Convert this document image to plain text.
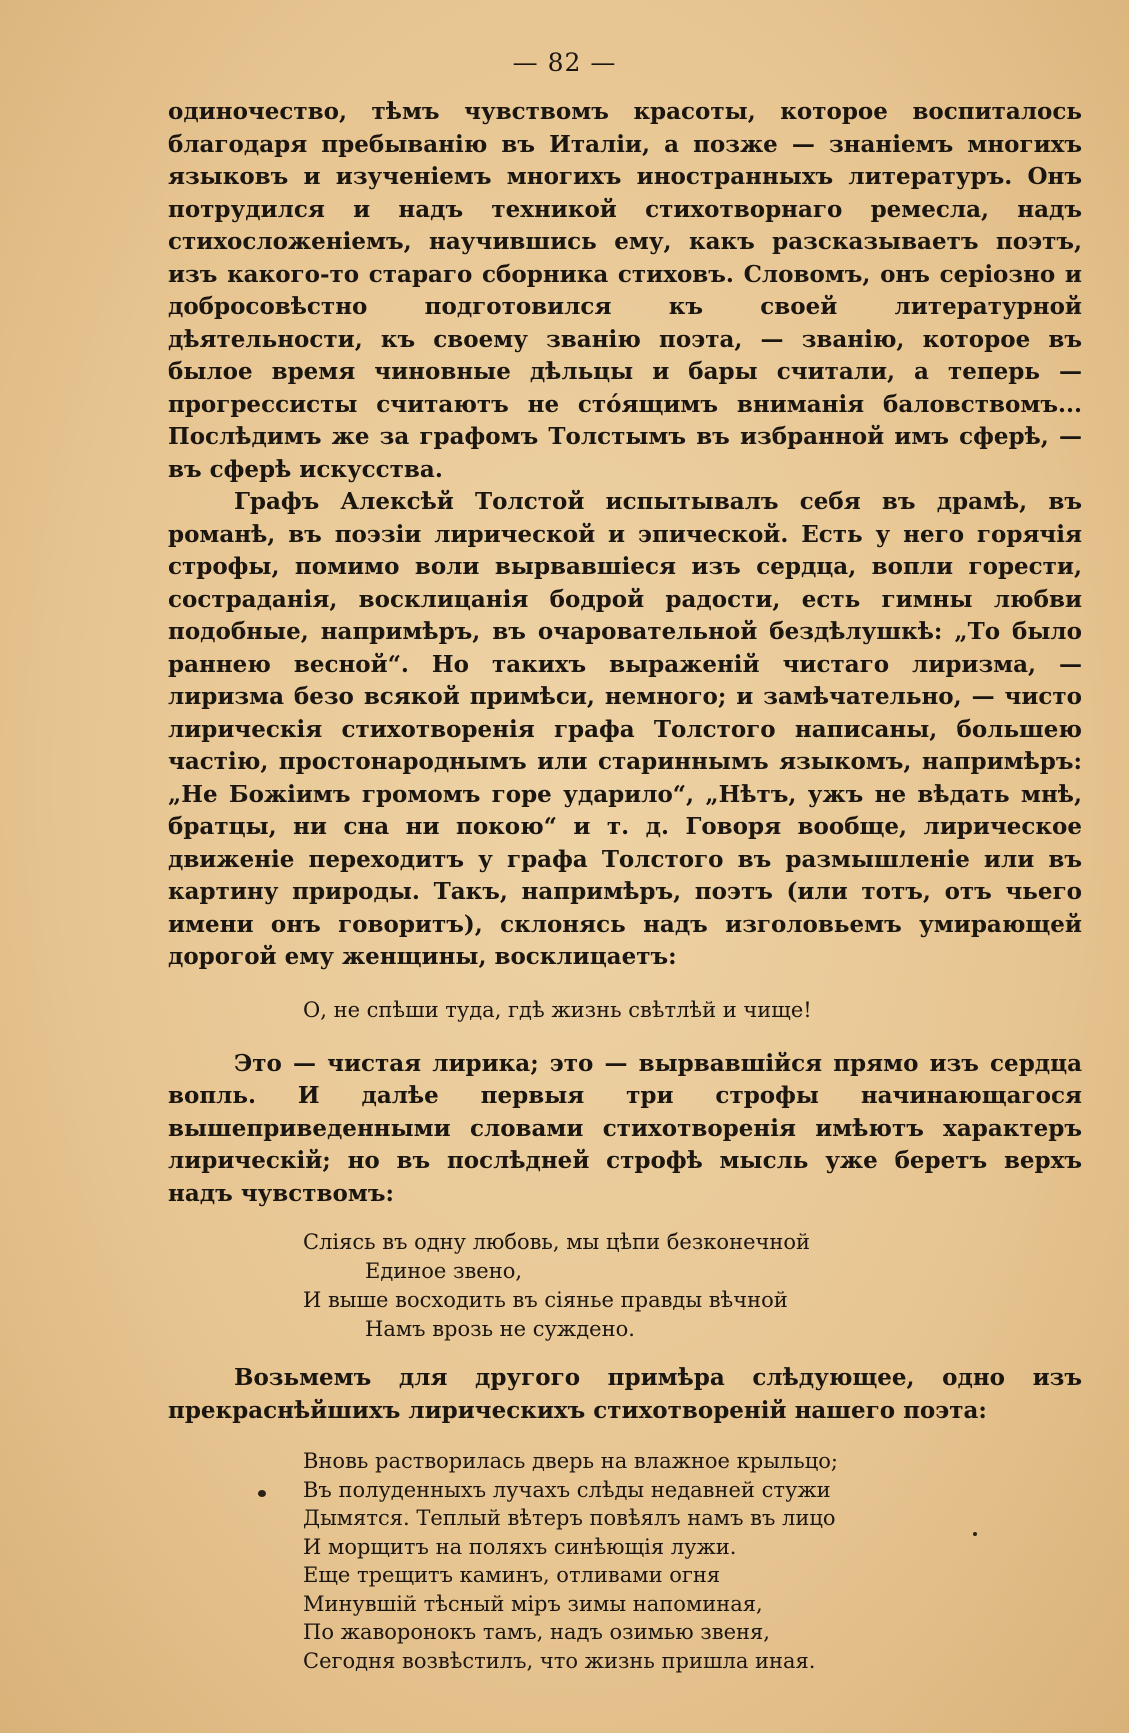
— 82 —

одиночество, тѣмъ чувствомъ красоты, которое воспиталось благодаря пребыванію въ Италіи, а позже — знаніемъ многихъ языковъ и изученіемъ многихъ иностранныхъ литературъ. Онъ потрудился и надъ техникой стихотворнаго ремесла, надъ стихосложеніемъ, научившись ему, какъ разсказываетъ поэтъ, изъ какого-то стараго сборника стиховъ. Словомъ, онъ серіозно и добросовѣстно подготовился къ своей литературной дѣятельности, къ своему званію поэта, — званію, которое въ былое время чиновные дѣльцы и бары считали, а теперь — прогрессисты считаютъ не стóящимъ вниманія баловствомъ... Послѣдимъ же за графомъ Толстымъ въ избранной имъ сферѣ, — въ сферѣ искусства.

Графъ Алексѣй Толстой испытывалъ себя въ драмѣ, въ романѣ, въ поэзіи лирической и эпической. Есть у него горячія строфы, помимо воли вырвавшіеся изъ сердца, вопли горести, состраданія, восклицанія бодрой радости, есть гимны любви подобные, напримѣръ, въ очаровательной бездѣлушкѣ: „То было раннею весной“. Но такихъ выраженій чистаго лиризма, — лиризма безо всякой примѣси, немного; и замѣчательно, — чисто лирическія стихотворенія графа Толстого написаны, большею частію, простонароднымъ или стариннымъ языкомъ, напримѣръ: „Не Божіимъ громомъ горе ударило“, „Нѣтъ, ужъ не вѣдать мнѣ, братцы, ни сна ни покою“ и т. д. Говоря вообще, лирическое движеніе переходитъ у графа Толстого въ размышленіе или въ картину природы. Такъ, напримѣръ, поэтъ (или тотъ, отъ чьего имени онъ говоритъ), склонясь надъ изголовьемъ умирающей дорогой ему женщины, восклицаетъ:

О, не спѣши туда, гдѣ жизнь свѣтлѣй и чище!

Это — чистая лирика; это — вырвавшійся прямо изъ сердца вопль. И далѣе первыя три строфы начинающагося вышеприведенными словами стихотворенія имѣютъ характеръ лирическій; но въ послѣдней строфѣ мысль уже беретъ верхъ надъ чувствомъ:

Сліясь въ одну любовь, мы цѣпи безконечной
Единое звено,
И выше восходить въ сіянье правды вѣчной
Намъ врозь не суждено.

Возьмемъ для другого примѣра слѣдующее, одно изъ прекраснѣйшихъ лирическихъ стихотвореній нашего поэта:

Вновь растворилась дверь на влажное крыльцо;
Въ полуденныхъ лучахъ слѣды недавней стужи
Дымятся. Теплый вѣтеръ повѣялъ намъ въ лицо
И морщитъ на поляхъ синѣющія лужи.
Еще трещитъ каминъ, отливами огня
Минувшій тѣсный міръ зимы напоминая,
По жаворонокъ тамъ, надъ озимью звеня,
Сегодня возвѣстилъ, что жизнь пришла иная.
